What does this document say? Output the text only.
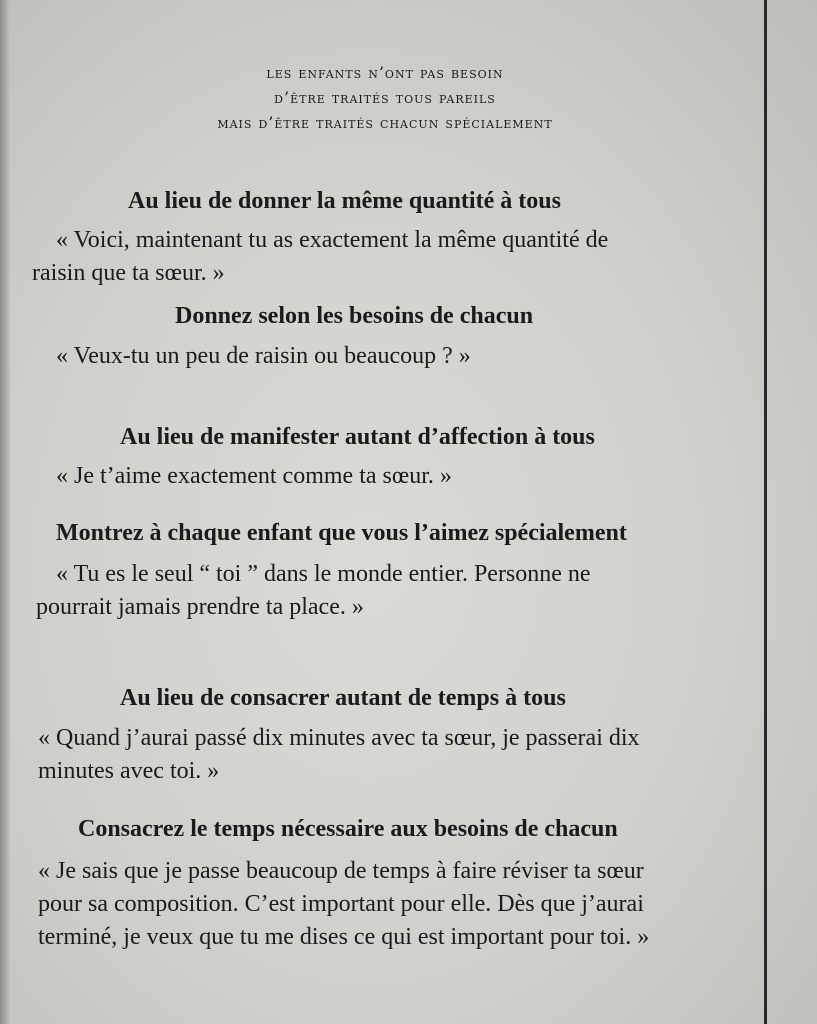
les enfants n’ont pas besoin
d’être traités tous pareils
mais d’être traités chacun spécialement
Au lieu de donner la même quantité à tous
« Voici, maintenant tu as exactement la même quantité de
raisin que ta sœur. »
Donnez selon les besoins de chacun
« Veux-tu un peu de raisin ou beaucoup ? »
Au lieu de manifester autant d’affection à tous
« Je t’aime exactement comme ta sœur. »
Montrez à chaque enfant que vous l’aimez spécialement
« Tu es le seul “ toi ” dans le monde entier. Personne ne
pourrait jamais prendre ta place. »
Au lieu de consacrer autant de temps à tous
« Quand j’aurai passé dix minutes avec ta sœur, je passerai dix
minutes avec toi. »
Consacrez le temps nécessaire aux besoins de chacun
« Je sais que je passe beaucoup de temps à faire réviser ta sœur
pour sa composition. C’est important pour elle. Dès que j’aurai
terminé, je veux que tu me dises ce qui est important pour toi. »
